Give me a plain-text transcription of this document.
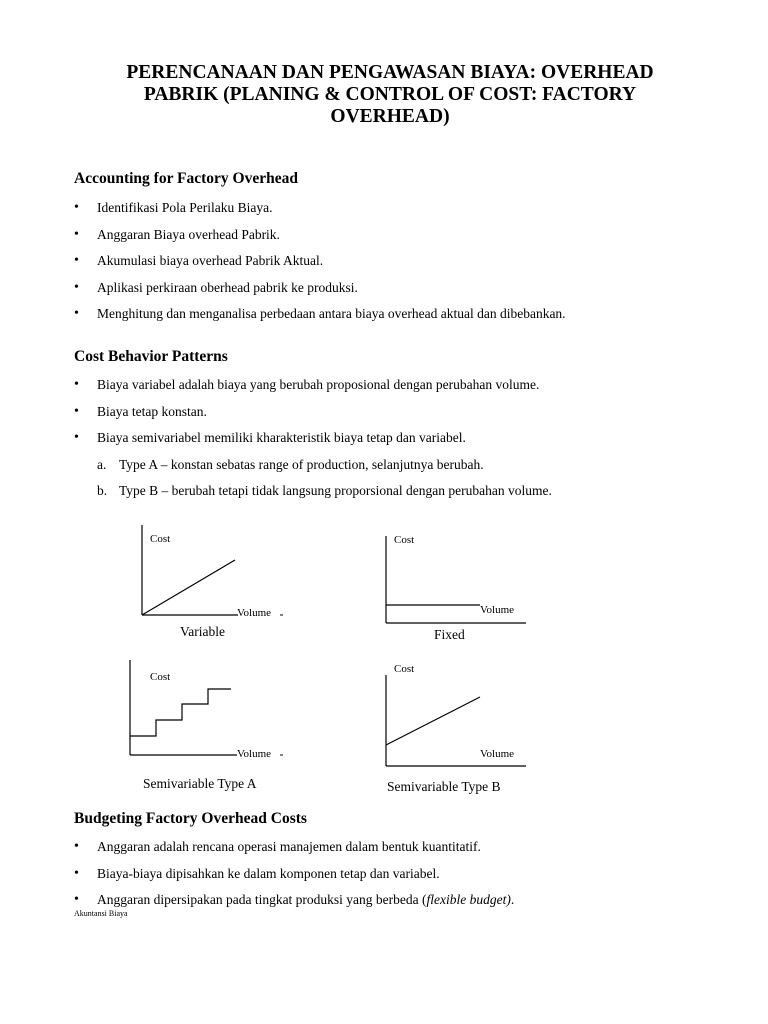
PERENCANAAN DAN PENGAWASAN BIAYA: OVERHEAD PABRIK (PLANING & CONTROL OF COST: FACTORY OVERHEAD)
Accounting for Factory Overhead
• Identifikasi Pola Perilaku Biaya.
• Anggaran Biaya overhead Pabrik.
• Akumulasi biaya overhead Pabrik Aktual.
• Aplikasi perkiraan oberhead pabrik ke produksi.
• Menghitung dan menganalisa perbedaan antara biaya overhead aktual dan dibebankan.
Cost Behavior Patterns
• Biaya variabel adalah biaya yang berubah proposional dengan perubahan volume.
• Biaya tetap konstan.
• Biaya semivariabel memiliki kharakteristik biaya tetap dan variabel.
a. Type A – konstan sebatas range of production, selanjutnya berubah.
b. Type B – berubah tetapi tidak langsung proporsional dengan perubahan volume.
Cost
Volume
Variable
Cost
Volume
Fixed
Cost
Volume
Semivariable Type A
Cost
Volume
Semivariable Type B
Budgeting Factory Overhead Costs
• Anggaran adalah rencana operasi manajemen dalam bentuk kuantitatif.
• Biaya-biaya dipisahkan ke dalam komponen tetap dan variabel.
• Anggaran dipersipakan pada tingkat produksi yang berbeda (flexible budget).
Akuntansi Biaya
